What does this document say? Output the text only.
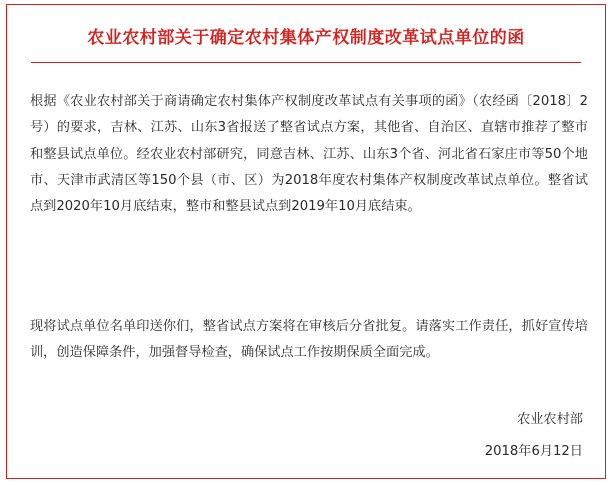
农业农村部关于确定农村集体产权制度改革试点单位的函

根据《农业农村部关于商请确定农村集体产权制度改革试点有关事项的函》（农经函〔2018〕2号）的要求，吉林、江苏、山东3省报送了整省试点方案，其他省、自治区、直辖市推荐了整市和整县试点单位。经农业农村部研究，同意吉林、江苏、山东3个省、河北省石家庄市等50个地市、天津市武清区等150个县（市、区）为2018年度农村集体产权制度改革试点单位。整省试点到2020年10月底结束，整市和整县试点到2019年10月底结束。

现将试点单位名单印送你们，整省试点方案将在审核后分省批复。请落实工作责任，抓好宣传培训，创造保障条件，加强督导检查，确保试点工作按期保质全面完成。

农业农村部
2018年6月12日
